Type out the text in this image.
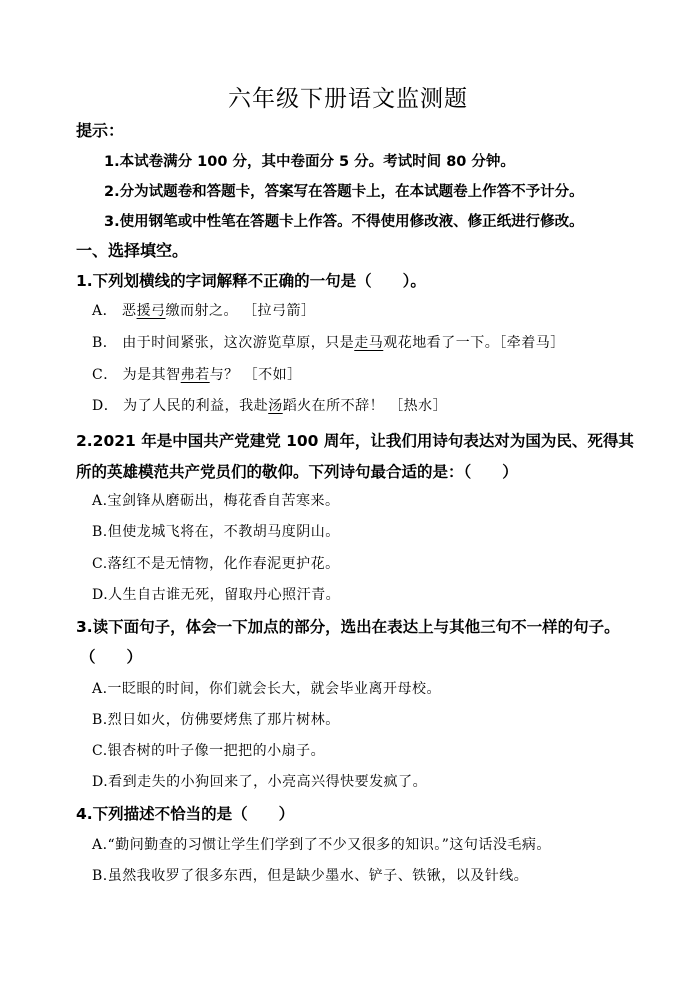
六年级下册语文监测题
提示：
1.本试卷满分 100 分，其中卷面分 5 分。考试时间 80 分钟。
2.分为试题卷和答题卡，答案写在答题卡上，在本试题卷上作答不予计分。
3.使用钢笔或中性笔在答题卡上作答。不得使用修改液、修正纸进行修改。
一、选择填空。
1.下列划横线的字词解释不正确的一句是（　　）。
A． 恶援弓缴而射之。 ［拉弓箭］
B． 由于时间紧张，这次游览草原，只是走马观花地看了一下。［牵着马］
C． 为是其智弗若与？ ［不如］
D． 为了人民的利益，我赴汤蹈火在所不辞！ ［热水］
2.2021 年是中国共产党建党 100 周年，让我们用诗句表达对为国为民、死得其
所的英雄模范共产党员们的敬仰。下列诗句最合适的是：（　　）
A.宝剑锋从磨砺出，梅花香自苦寒来。
B.但使龙城飞将在，不教胡马度阴山。
C.落红不是无情物，化作春泥更护花。
D.人生自古谁无死，留取丹心照汗青。
3.读下面句子，体会一下加点的部分，选出在表达上与其他三句不一样的句子。
（　　）
A.一眨眼的时间，你们就会长大，就会毕业离开母校。
B.烈日如火，仿佛要烤焦了那片树林。
C.银杏树的叶子像一把把的小扇子。
D.看到走失的小狗回来了，小亮高兴得快要发疯了。
4.下列描述不恰当的是（　　）
A.“勤问勤查的习惯让学生们学到了不少又很多的知识。”这句话没毛病。
B.虽然我收罗了很多东西，但是缺少墨水、铲子、铁锹，以及针线。
